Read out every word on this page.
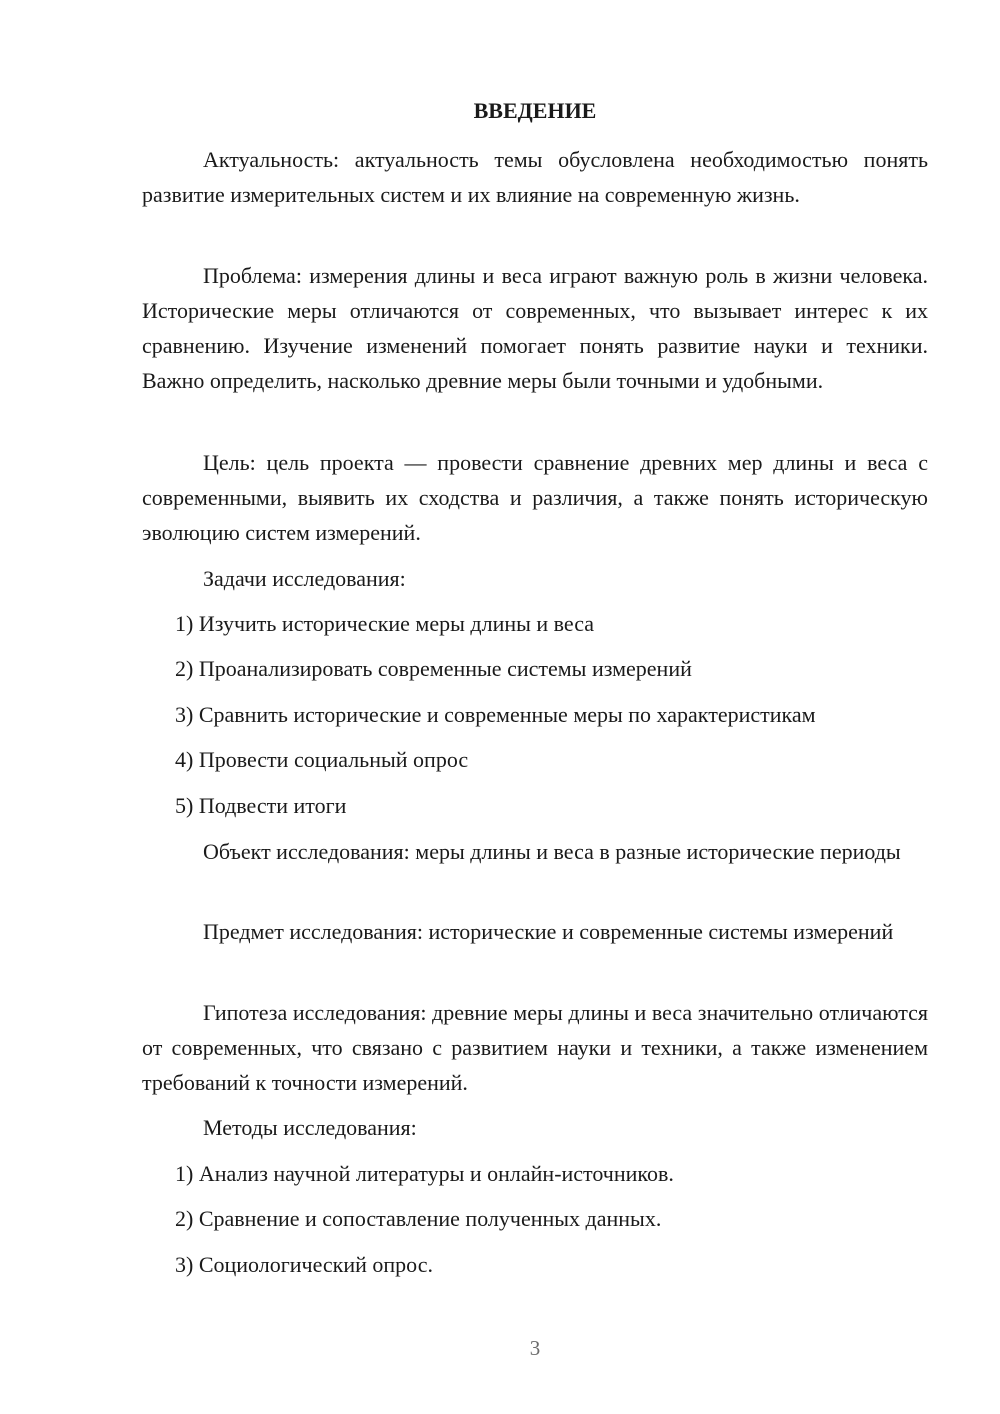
ВВЕДЕНИЕ

Актуальность: актуальность темы обусловлена необходимостью понять развитие измерительных систем и их влияние на современную жизнь.

Проблема: измерения длины и веса играют важную роль в жизни человека. Исторические меры отличаются от современных, что вызывает интерес к их сравнению. Изучение изменений помогает понять развитие науки и техники. Важно определить, насколько древние меры были точными и удобными.

Цель: цель проекта — провести сравнение древних мер длины и веса с современными, выявить их сходства и различия, а также понять историческую эволюцию систем измерений.

Задачи исследования:

1) Изучить исторические меры длины и веса

2) Проанализировать современные системы измерений

3) Сравнить исторические и современные меры по характеристикам

4) Провести социальный опрос

5) Подвести итоги

Объект исследования: меры длины и веса в разные исторические периоды

Предмет исследования: исторические и современные системы измерений

Гипотеза исследования: древние меры длины и веса значительно отличаются от современных, что связано с развитием науки и техники, а также изменением требований к точности измерений.

Методы исследования:

1) Анализ научной литературы и онлайн-источников.

2) Сравнение и сопоставление полученных данных.

3) Социологический опрос.

3
